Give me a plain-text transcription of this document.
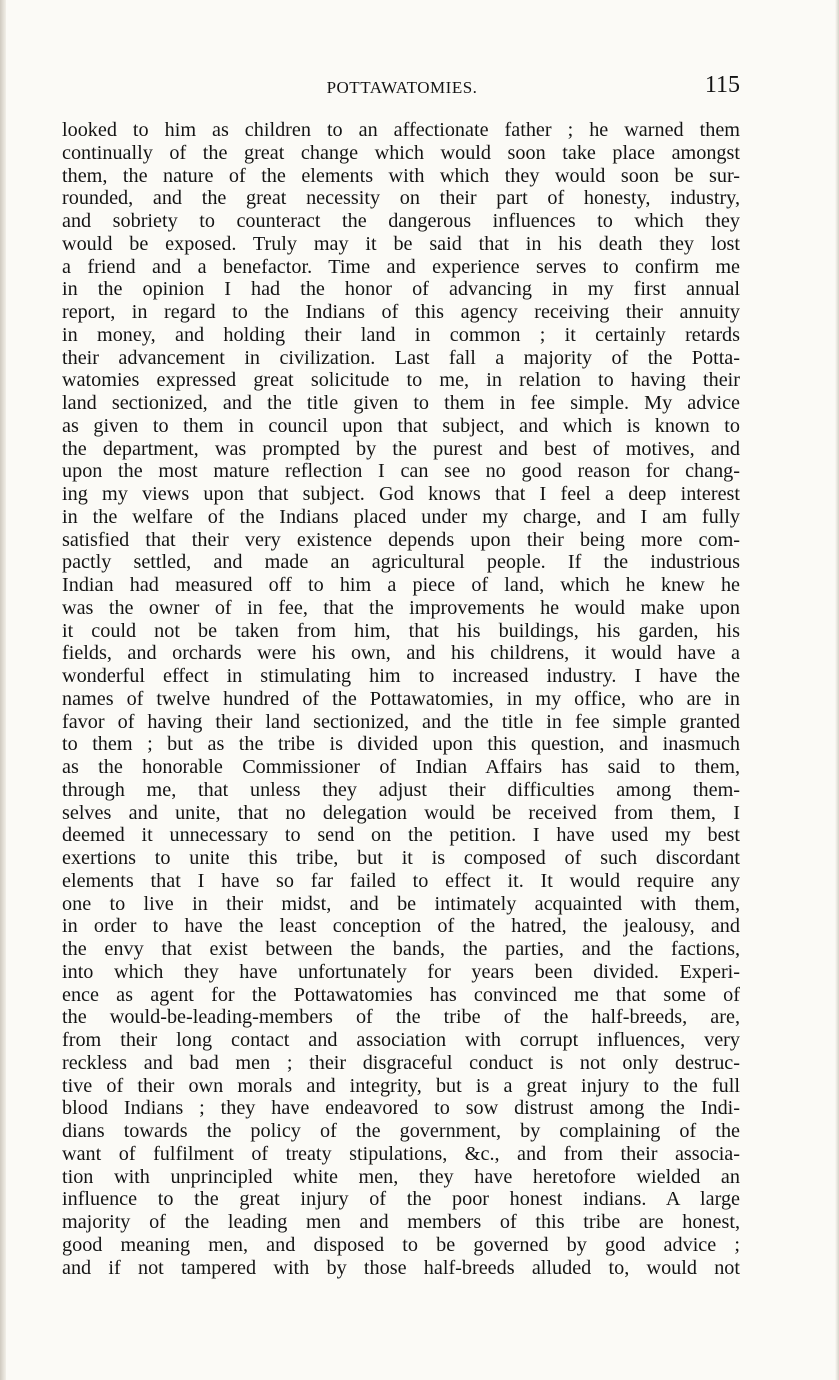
POTTAWATOMIES.	115
looked to him as children to an affectionate father ; he warned them
continually of the great change which would soon take place amongst
them, the nature of the elements with which they would soon be sur-
rounded, and the great necessity on their part of honesty, industry,
and sobriety to counteract the dangerous influences to which they
would be exposed. Truly may it be said that in his death they lost
a friend and a benefactor. Time and experience serves to confirm me
in the opinion I had the honor of advancing in my first annual
report, in regard to the Indians of this agency receiving their annuity
in money, and holding their land in common ; it certainly retards
their advancement in civilization. Last fall a majority of the Potta-
watomies expressed great solicitude to me, in relation to having their
land sectionized, and the title given to them in fee simple. My advice
as given to them in council upon that subject, and which is known to
the department, was prompted by the purest and best of motives, and
upon the most mature reflection I can see no good reason for chang-
ing my views upon that subject. God knows that I feel a deep interest
in the welfare of the Indians placed under my charge, and I am fully
satisfied that their very existence depends upon their being more com-
pactly settled, and made an agricultural people. If the industrious
Indian had measured off to him a piece of land, which he knew he
was the owner of in fee, that the improvements he would make upon
it could not be taken from him, that his buildings, his garden, his
fields, and orchards were his own, and his childrens, it would have a
wonderful effect in stimulating him to increased industry. I have the
names of twelve hundred of the Pottawatomies, in my office, who are in
favor of having their land sectionized, and the title in fee simple granted
to them ; but as the tribe is divided upon this question, and inasmuch
as the honorable Commissioner of Indian Affairs has said to them,
through me, that unless they adjust their difficulties among them-
selves and unite, that no delegation would be received from them, I
deemed it unnecessary to send on the petition. I have used my best
exertions to unite this tribe, but it is composed of such discordant
elements that I have so far failed to effect it. It would require any
one to live in their midst, and be intimately acquainted with them,
in order to have the least conception of the hatred, the jealousy, and
the envy that exist between the bands, the parties, and the factions,
into which they have unfortunately for years been divided. Experi-
ence as agent for the Pottawatomies has convinced me that some of
the would-be-leading-members of the tribe of the half-breeds, are,
from their long contact and association with corrupt influences, very
reckless and bad men ; their disgraceful conduct is not only destruc-
tive of their own morals and integrity, but is a great injury to the full
blood Indians ; they have endeavored to sow distrust among the Indi-
dians towards the policy of the government, by complaining of the
want of fulfilment of treaty stipulations, &c., and from their associa-
tion with unprincipled white men, they have heretofore wielded an
influence to the great injury of the poor honest indians. A large
majority of the leading men and members of this tribe are honest,
good meaning men, and disposed to be governed by good advice ;
and if not tampered with by those half-breeds alluded to, would not
